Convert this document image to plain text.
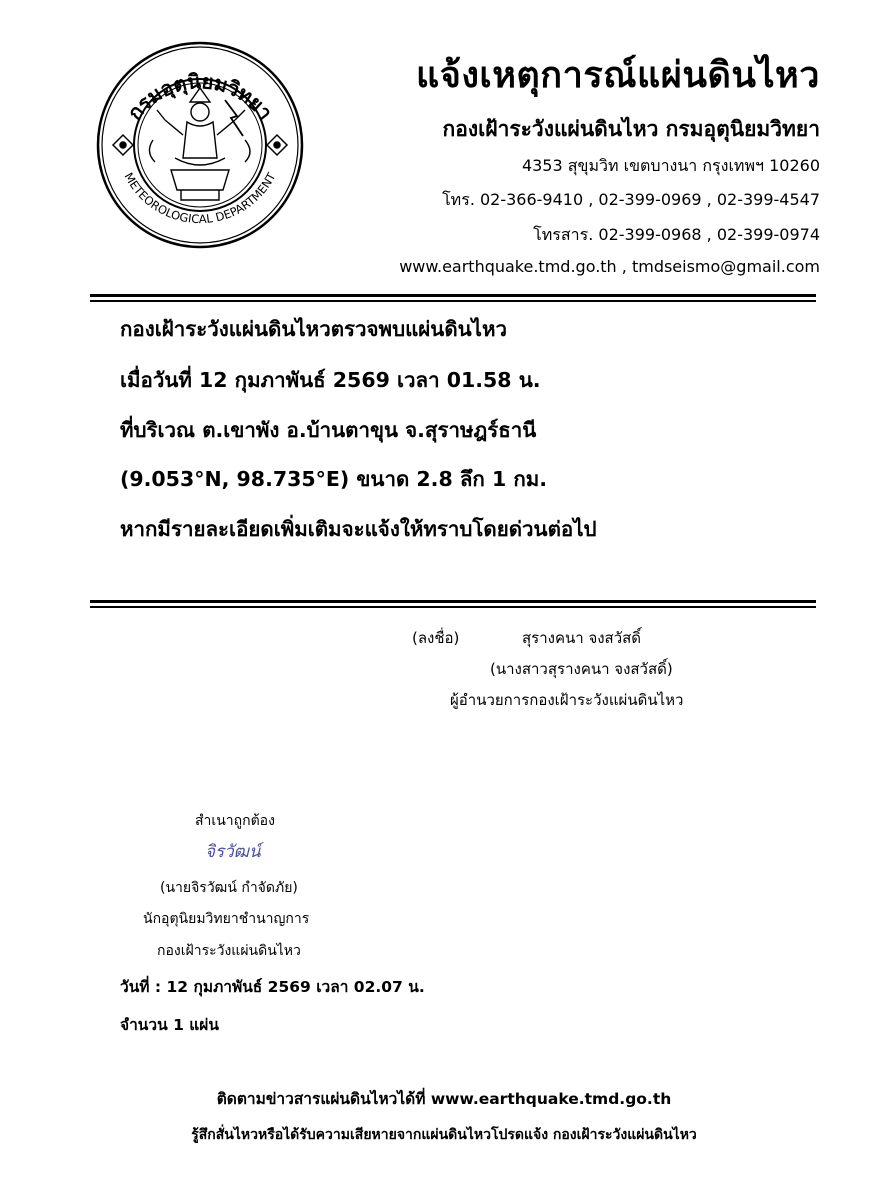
กรมอุตุนิยมวิทยา
METEOROLOGICAL DEPARTMENT
แจ้งเหตุการณ์แผ่นดินไหว
กองเฝ้าระวังแผ่นดินไหว กรมอุตุนิยมวิทยา
4353 สุขุมวิท เขตบางนา กรุงเทพฯ 10260
โทร. 02-366-9410 , 02-399-0969 , 02-399-4547
โทรสาร. 02-399-0968 , 02-399-0974
www.earthquake.tmd.go.th , tmdseismo@gmail.com
กองเฝ้าระวังแผ่นดินไหวตรวจพบแผ่นดินไหว
เมื่อวันที่ 12 กุมภาพันธ์ 2569 เวลา 01.58 น.
ที่บริเวณ ต.เขาพัง อ.บ้านตาขุน จ.สุราษฎร์ธานี
(9.053°N, 98.735°E) ขนาด 2.8 ลึก 1 กม.
หากมีรายละเอียดเพิ่มเติมจะแจ้งให้ทราบโดยด่วนต่อไป
(ลงชื่อ)	สุรางคนา จงสวัสดิ์
(นางสาวสุรางคนา จงสวัสดิ์)
ผู้อำนวยการกองเฝ้าระวังแผ่นดินไหว
สำเนาถูกต้อง
จิรวัฒน์
(นายจิรวัฒน์ กำจัดภัย)
นักอุตุนิยมวิทยาชำนาญการ
กองเฝ้าระวังแผ่นดินไหว
วันที่ : 12 กุมภาพันธ์ 2569 เวลา 02.07 น.
จำนวน 1 แผ่น
ติดตามข่าวสารแผ่นดินไหวได้ที่ www.earthquake.tmd.go.th
รู้สึกสั่นไหวหรือได้รับความเสียหายจากแผ่นดินไหวโปรดแจ้ง กองเฝ้าระวังแผ่นดินไหว
